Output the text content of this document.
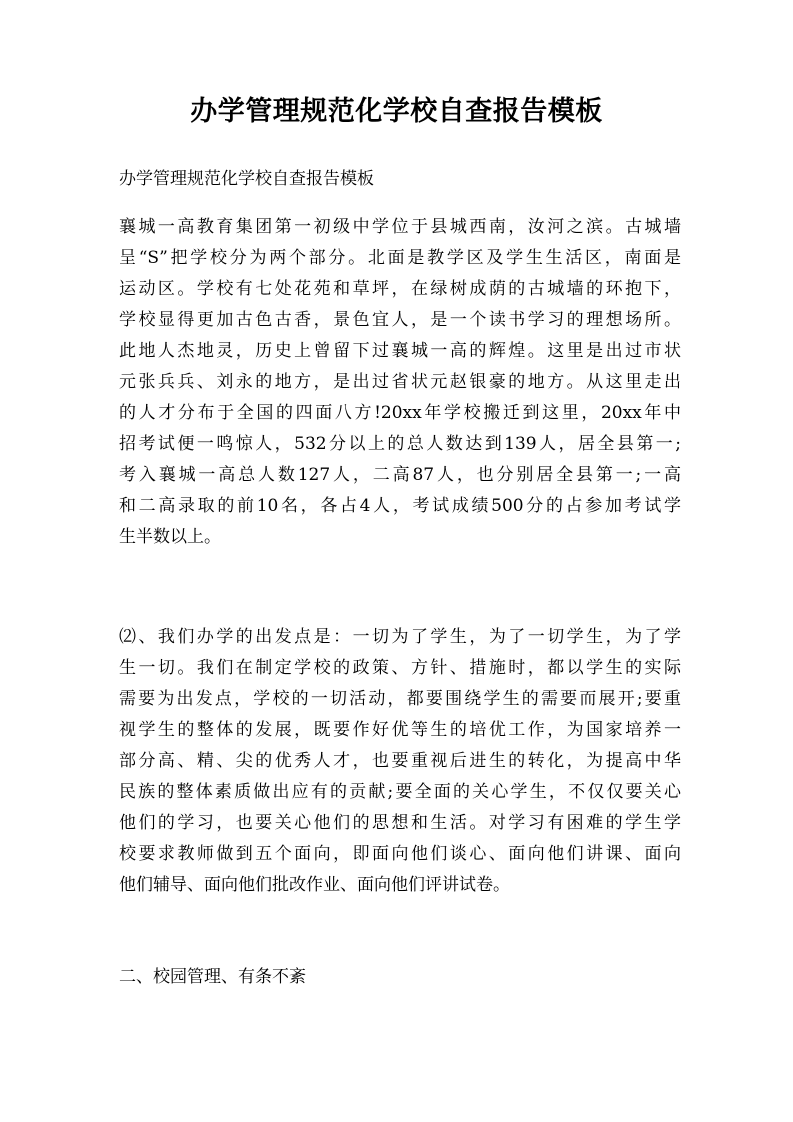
办学管理规范化学校自查报告模板
办学管理规范化学校自查报告模板
襄城一高教育集团第一初级中学位于县城西南，汝河之滨。古城墙
呈“S”把学校分为两个部分。北面是教学区及学生生活区，南面是
运动区。学校有七处花苑和草坪，在绿树成荫的古城墙的环抱下，
学校显得更加古色古香，景色宜人，是一个读书学习的理想场所。
此地人杰地灵，历史上曾留下过襄城一高的辉煌。这里是出过市状
元张兵兵、刘永的地方，是出过省状元赵银豪的地方。从这里走出
的人才分布于全国的四面八方!20xx年学校搬迁到这里，20xx年中
招考试便一鸣惊人，532分以上的总人数达到139人，居全县第一;
考入襄城一高总人数127人，二高87人，也分别居全县第一;一高
和二高录取的前10名，各占4人，考试成绩500分的占参加考试学
生半数以上。
⑵、我们办学的出发点是：一切为了学生，为了一切学生，为了学
生一切。我们在制定学校的政策、方针、措施时，都以学生的实际
需要为出发点，学校的一切活动，都要围绕学生的需要而展开;要重
视学生的整体的发展，既要作好优等生的培优工作，为国家培养一
部分高、精、尖的优秀人才，也要重视后进生的转化，为提高中华
民族的整体素质做出应有的贡献;要全面的关心学生，不仅仅要关心
他们的学习，也要关心他们的思想和生活。对学习有困难的学生学
校要求教师做到五个面向，即面向他们谈心、面向他们讲课、面向
他们辅导、面向他们批改作业、面向他们评讲试卷。
二、校园管理、有条不紊
